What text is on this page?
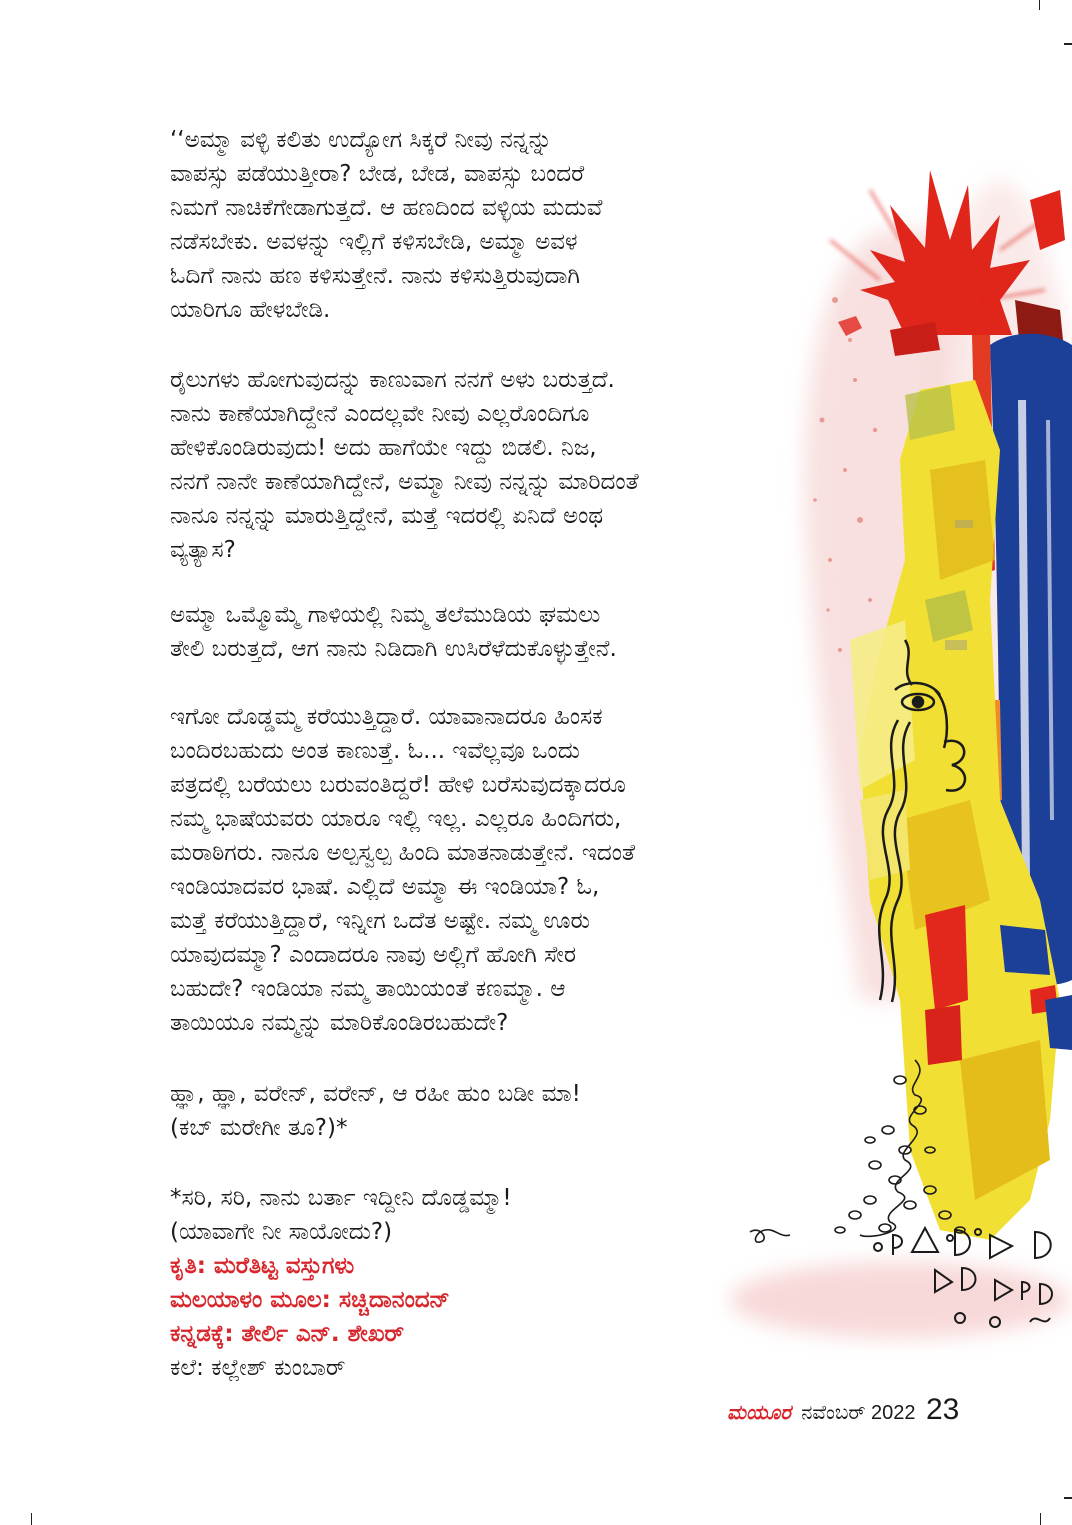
‘‘ಅಮ್ಮಾ ವಳ್ಳಿ ಕಲಿತು ಉದ್ಯೋಗ ಸಿಕ್ಕರೆ ನೀವು ನನ್ನನ್ನು
ವಾಪಸ್ಸು ಪಡೆಯುತ್ತೀರಾ? ಬೇಡ, ಬೇಡ, ವಾಪಸ್ಸು ಬಂದರೆ
ನಿಮಗೆ ನಾಚಿಕೆಗೇಡಾಗುತ್ತದೆ. ಆ ಹಣದಿಂದ ವಳ್ಳಿಯ ಮದುವೆ
ನಡೆಸಬೇಕು. ಅವಳನ್ನು ಇಲ್ಲಿಗೆ ಕಳಿಸಬೇಡಿ, ಅಮ್ಮಾ ಅವಳ
ಓದಿಗೆ ನಾನು ಹಣ ಕಳಿಸುತ್ತೇನೆ. ನಾನು ಕಳಿಸುತ್ತಿರುವುದಾಗಿ
ಯಾರಿಗೂ ಹೇಳಬೇಡಿ.
ರೈಲುಗಳು ಹೋಗುವುದನ್ನು ಕಾಣುವಾಗ ನನಗೆ ಅಳು ಬರುತ್ತದೆ.
ನಾನು ಕಾಣೆಯಾಗಿದ್ದೇನೆ ಎಂದಲ್ಲವೇ ನೀವು ಎಲ್ಲರೊಂದಿಗೂ
ಹೇಳಿಕೊಂಡಿರುವುದು! ಅದು ಹಾಗೆಯೇ ಇದ್ದು ಬಿಡಲಿ. ನಿಜ,
ನನಗೆ ನಾನೇ ಕಾಣೆಯಾಗಿದ್ದೇನೆ, ಅಮ್ಮಾ ನೀವು ನನ್ನನ್ನು ಮಾರಿದಂತೆ
ನಾನೂ ನನ್ನನ್ನು ಮಾರುತ್ತಿದ್ದೇನೆ, ಮತ್ತೆ ಇದರಲ್ಲಿ ಏನಿದೆ ಅಂಥ
ವ್ಯತ್ಯಾಸ?
ಅಮ್ಮಾ ಒಮ್ಮೊಮ್ಮೆ ಗಾಳಿಯಲ್ಲಿ ನಿಮ್ಮ ತಲೆಮುಡಿಯ ಘಮಲು
ತೇಲಿ ಬರುತ್ತದೆ, ಆಗ ನಾನು ನಿಡಿದಾಗಿ ಉಸಿರೆಳೆದುಕೊಳ್ಳುತ್ತೇನೆ.
ಇಗೋ ದೊಡ್ಡಮ್ಮ ಕರೆಯುತ್ತಿದ್ದಾರೆ. ಯಾವಾನಾದರೂ ಹಿಂಸಕ
ಬಂದಿರಬಹುದು ಅಂತ ಕಾಣುತ್ತೆ. ಓ... ಇವೆಲ್ಲವೂ ಒಂದು
ಪತ್ರದಲ್ಲಿ ಬರೆಯಲು ಬರುವಂತಿದ್ದರೆ! ಹೇಳಿ ಬರೆಸುವುದಕ್ಕಾದರೂ
ನಮ್ಮ ಭಾಷೆಯವರು ಯಾರೂ ಇಲ್ಲಿ ಇಲ್ಲ. ಎಲ್ಲರೂ ಹಿಂದಿಗರು,
ಮರಾಠಿಗರು. ನಾನೂ ಅಲ್ಪಸ್ವಲ್ಪ ಹಿಂದಿ ಮಾತನಾಡುತ್ತೇನೆ. ಇದಂತೆ
ಇಂಡಿಯಾದವರ ಭಾಷೆ. ಎಲ್ಲಿದೆ ಅಮ್ಮಾ ಈ ಇಂಡಿಯಾ? ಓ,
ಮತ್ತೆ ಕರೆಯುತ್ತಿದ್ದಾರೆ, ಇನ್ನೀಗ ಒದೆತ ಅಷ್ಟೇ. ನಮ್ಮ ಊರು
ಯಾವುದಮ್ಮಾ? ಎಂದಾದರೂ ನಾವು ಅಲ್ಲಿಗೆ ಹೋಗಿ ಸೇರ
ಬಹುದೇ? ಇಂಡಿಯಾ ನಮ್ಮ ತಾಯಿಯಂತೆ ಕಣಮ್ಮಾ. ಆ
ತಾಯಿಯೂ ನಮ್ಮನ್ನು ಮಾರಿಕೊಂಡಿರಬಹುದೇ?
ಹ್ಞಾ, ಹ್ಞಾ, ವರೇನ್, ವರೇನ್, ಆ ರಹೀ ಹುಂ ಬಡೀ ಮಾ!
(ಕಬ್ ಮರೇಗೀ ತೂ?)*
*ಸರಿ, ಸರಿ, ನಾನು ಬರ್ತಾ ಇದ್ದೀನಿ ದೊಡ್ಡಮ್ಮಾ!
(ಯಾವಾಗೇ ನೀ ಸಾಯೋದು?)
ಕೃತಿ: ಮರೆತಿಟ್ಟ ವಸ್ತುಗಳು
ಮಲಯಾಳಂ ಮೂಲ: ಸಚ್ಚಿದಾನಂದನ್
ಕನ್ನಡಕ್ಕೆ: ತೇರ್ಲಿ ಎನ್. ಶೇಖರ್
ಕಲೆ: ಕಲ್ಲೇಶ್ ಕುಂಬಾರ್
ಮಯೂರ ನವೆಂಬರ್ 2022 23
